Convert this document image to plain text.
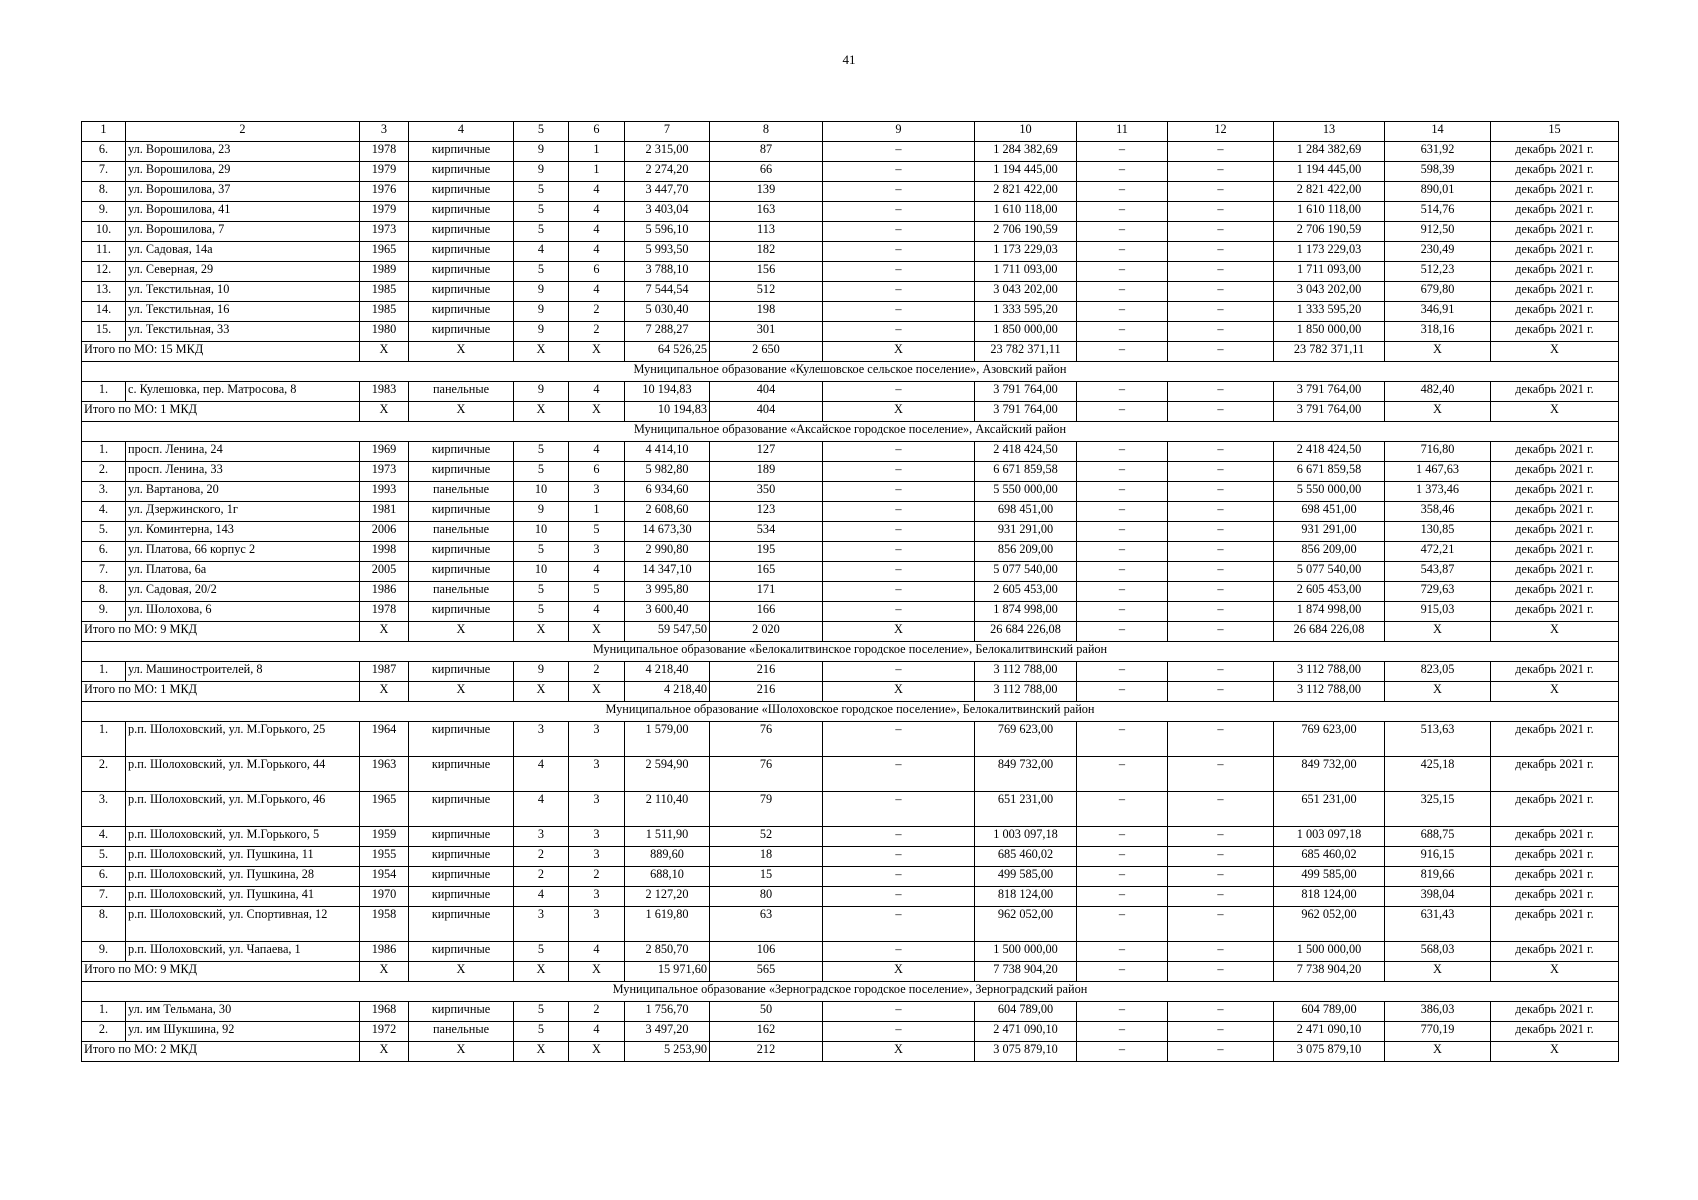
41
1	2	3	4	5	6	7	8	9	10	11	12	13	14	15
6.	ул. Ворошилова, 23	1978	кирпичные	9	1	2 315,00	87	–	1 284 382,69	–	–	1 284 382,69	631,92	декабрь 2021 г.
7.	ул. Ворошилова, 29	1979	кирпичные	9	1	2 274,20	66	–	1 194 445,00	–	–	1 194 445,00	598,39	декабрь 2021 г.
8.	ул. Ворошилова, 37	1976	кирпичные	5	4	3 447,70	139	–	2 821 422,00	–	–	2 821 422,00	890,01	декабрь 2021 г.
9.	ул. Ворошилова, 41	1979	кирпичные	5	4	3 403,04	163	–	1 610 118,00	–	–	1 610 118,00	514,76	декабрь 2021 г.
10.	ул. Ворошилова, 7	1973	кирпичные	5	4	5 596,10	113	–	2 706 190,59	–	–	2 706 190,59	912,50	декабрь 2021 г.
11.	ул. Садовая, 14а	1965	кирпичные	4	4	5 993,50	182	–	1 173 229,03	–	–	1 173 229,03	230,49	декабрь 2021 г.
12.	ул. Северная, 29	1989	кирпичные	5	6	3 788,10	156	–	1 711 093,00	–	–	1 711 093,00	512,23	декабрь 2021 г.
13.	ул. Текстильная, 10	1985	кирпичные	9	4	7 544,54	512	–	3 043 202,00	–	–	3 043 202,00	679,80	декабрь 2021 г.
14.	ул. Текстильная, 16	1985	кирпичные	9	2	5 030,40	198	–	1 333 595,20	–	–	1 333 595,20	346,91	декабрь 2021 г.
15.	ул. Текстильная, 33	1980	кирпичные	9	2	7 288,27	301	–	1 850 000,00	–	–	1 850 000,00	318,16	декабрь 2021 г.
Итого по МО: 15 МКД		X	X	X	X	64 526,25	2 650	X	23 782 371,11	–	–	23 782 371,11	X	X
Муниципальное образование «Кулешовское сельское поселение», Азовский район														
1.	с. Кулешовка, пер. Матросова, 8	1983	панельные	9	4	10 194,83	404	–	3 791 764,00	–	–	3 791 764,00	482,40	декабрь 2021 г.
Итого по МО: 1 МКД		X	X	X	X	10 194,83	404	X	3 791 764,00	–	–	3 791 764,00	X	X
Муниципальное образование «Аксайское городское поселение», Аксайский район														
1.	просп. Ленина, 24	1969	кирпичные	5	4	4 414,10	127	–	2 418 424,50	–	–	2 418 424,50	716,80	декабрь 2021 г.
2.	просп. Ленина, 33	1973	кирпичные	5	6	5 982,80	189	–	6 671 859,58	–	–	6 671 859,58	1 467,63	декабрь 2021 г.
3.	ул. Вартанова, 20	1993	панельные	10	3	6 934,60	350	–	5 550 000,00	–	–	5 550 000,00	1 373,46	декабрь 2021 г.
4.	ул. Дзержинского, 1г	1981	кирпичные	9	1	2 608,60	123	–	698 451,00	–	–	698 451,00	358,46	декабрь 2021 г.
5.	ул. Коминтерна, 143	2006	панельные	10	5	14 673,30	534	–	931 291,00	–	–	931 291,00	130,85	декабрь 2021 г.
6.	ул. Платова, 66 корпус 2	1998	кирпичные	5	3	2 990,80	195	–	856 209,00	–	–	856 209,00	472,21	декабрь 2021 г.
7.	ул. Платова, 6а	2005	кирпичные	10	4	14 347,10	165	–	5 077 540,00	–	–	5 077 540,00	543,87	декабрь 2021 г.
8.	ул. Садовая, 20/2	1986	панельные	5	5	3 995,80	171	–	2 605 453,00	–	–	2 605 453,00	729,63	декабрь 2021 г.
9.	ул. Шолохова, 6	1978	кирпичные	5	4	3 600,40	166	–	1 874 998,00	–	–	1 874 998,00	915,03	декабрь 2021 г.
Итого по МО: 9 МКД		X	X	X	X	59 547,50	2 020	X	26 684 226,08	–	–	26 684 226,08	X	X
Муниципальное образование «Белокалитвинское городское поселение», Белокалитвинский район														
1.	ул. Машиностроителей, 8	1987	кирпичные	9	2	4 218,40	216	–	3 112 788,00	–	–	3 112 788,00	823,05	декабрь 2021 г.
Итого по МО: 1 МКД		X	X	X	X	4 218,40	216	X	3 112 788,00	–	–	3 112 788,00	X	X
Муниципальное образование «Шолоховское городское поселение», Белокалитвинский район														
1.	р.п. Шолоховский, ул. М.Горького, 25	1964	кирпичные	3	3	1 579,00	76	–	769 623,00	–	–	769 623,00	513,63	декабрь 2021 г.
2.	р.п. Шолоховский, ул. М.Горького, 44	1963	кирпичные	4	3	2 594,90	76	–	849 732,00	–	–	849 732,00	425,18	декабрь 2021 г.
3.	р.п. Шолоховский, ул. М.Горького, 46	1965	кирпичные	4	3	2 110,40	79	–	651 231,00	–	–	651 231,00	325,15	декабрь 2021 г.
4.	р.п. Шолоховский, ул. М.Горького, 5	1959	кирпичные	3	3	1 511,90	52	–	1 003 097,18	–	–	1 003 097,18	688,75	декабрь 2021 г.
5.	р.п. Шолоховский, ул. Пушкина, 11	1955	кирпичные	2	3	889,60	18	–	685 460,02	–	–	685 460,02	916,15	декабрь 2021 г.
6.	р.п. Шолоховский, ул. Пушкина, 28	1954	кирпичные	2	2	688,10	15	–	499 585,00	–	–	499 585,00	819,66	декабрь 2021 г.
7.	р.п. Шолоховский, ул. Пушкина, 41	1970	кирпичные	4	3	2 127,20	80	–	818 124,00	–	–	818 124,00	398,04	декабрь 2021 г.
8.	р.п. Шолоховский, ул. Спортивная, 12	1958	кирпичные	3	3	1 619,80	63	–	962 052,00	–	–	962 052,00	631,43	декабрь 2021 г.
9.	р.п. Шолоховский, ул. Чапаева, 1	1986	кирпичные	5	4	2 850,70	106	–	1 500 000,00	–	–	1 500 000,00	568,03	декабрь 2021 г.
Итого по МО: 9 МКД		X	X	X	X	15 971,60	565	X	7 738 904,20	–	–	7 738 904,20	X	X
Муниципальное образование «Зерноградское городское поселение», Зерноградский район														
1.	ул. им Тельмана, 30	1968	кирпичные	5	2	1 756,70	50	–	604 789,00	–	–	604 789,00	386,03	декабрь 2021 г.
2.	ул. им Шукшина, 92	1972	панельные	5	4	3 497,20	162	–	2 471 090,10	–	–	2 471 090,10	770,19	декабрь 2021 г.
Итого по МО: 2 МКД		X	X	X	X	5 253,90	212	X	3 075 879,10	–	–	3 075 879,10	X	X
